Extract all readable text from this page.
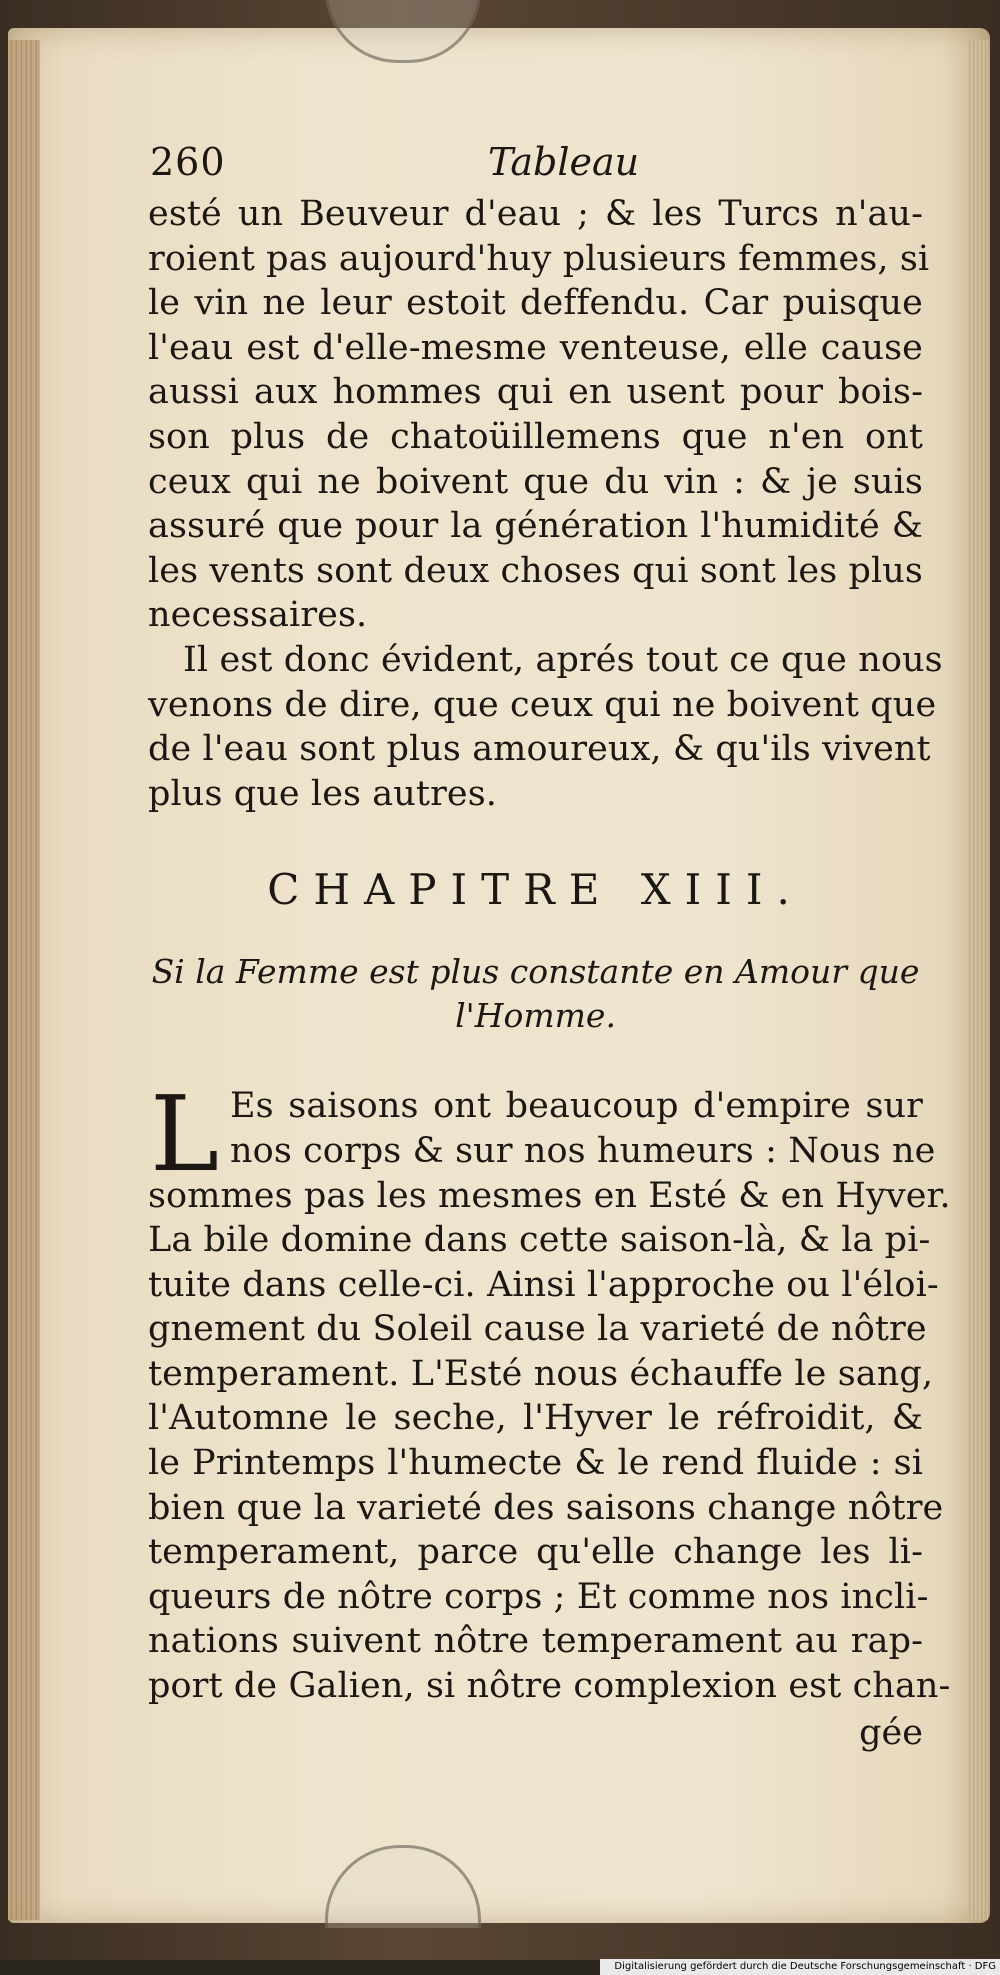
260	Tableau
esté un Beuveur d'eau ; & les Turcs n'au-
roient pas aujourd'huy plusieurs femmes, si
le vin ne leur estoit deffendu. Car puisque
l'eau est d'elle-mesme venteuse, elle cause
aussi aux hommes qui en usent pour bois-
son plus de chatoüillemens que n'en ont
ceux qui ne boivent que du vin : & je suis
assuré que pour la génération l'humidité &
les vents sont deux choses qui sont les plus
necessaires.
Il est donc évident, aprés tout ce que nous
venons de dire, que ceux qui ne boivent que
de l'eau sont plus amoureux, & qu'ils vivent
plus que les autres.
CHAPITRE XIII.
Si la Femme est plus constante en Amour que
l'Homme.
L Es saisons ont beaucoup d'empire sur
nos corps & sur nos humeurs : Nous ne
sommes pas les mesmes en Esté & en Hyver.
La bile domine dans cette saison-là, & la pi-
tuite dans celle-ci. Ainsi l'approche ou l'éloi-
gnement du Soleil cause la varieté de nôtre
temperament. L'Esté nous échauffe le sang,
l'Automne le seche, l'Hyver le réfroidit, &
le Printemps l'humecte & le rend fluide : si
bien que la varieté des saisons change nôtre
temperament, parce qu'elle change les li-
queurs de nôtre corps ; Et comme nos incli-
nations suivent nôtre temperament au rap-
port de Galien, si nôtre complexion est chan-
gée
Digitalisierung gefördert durch die Deutsche Forschungsgemeinschaft · DFG
